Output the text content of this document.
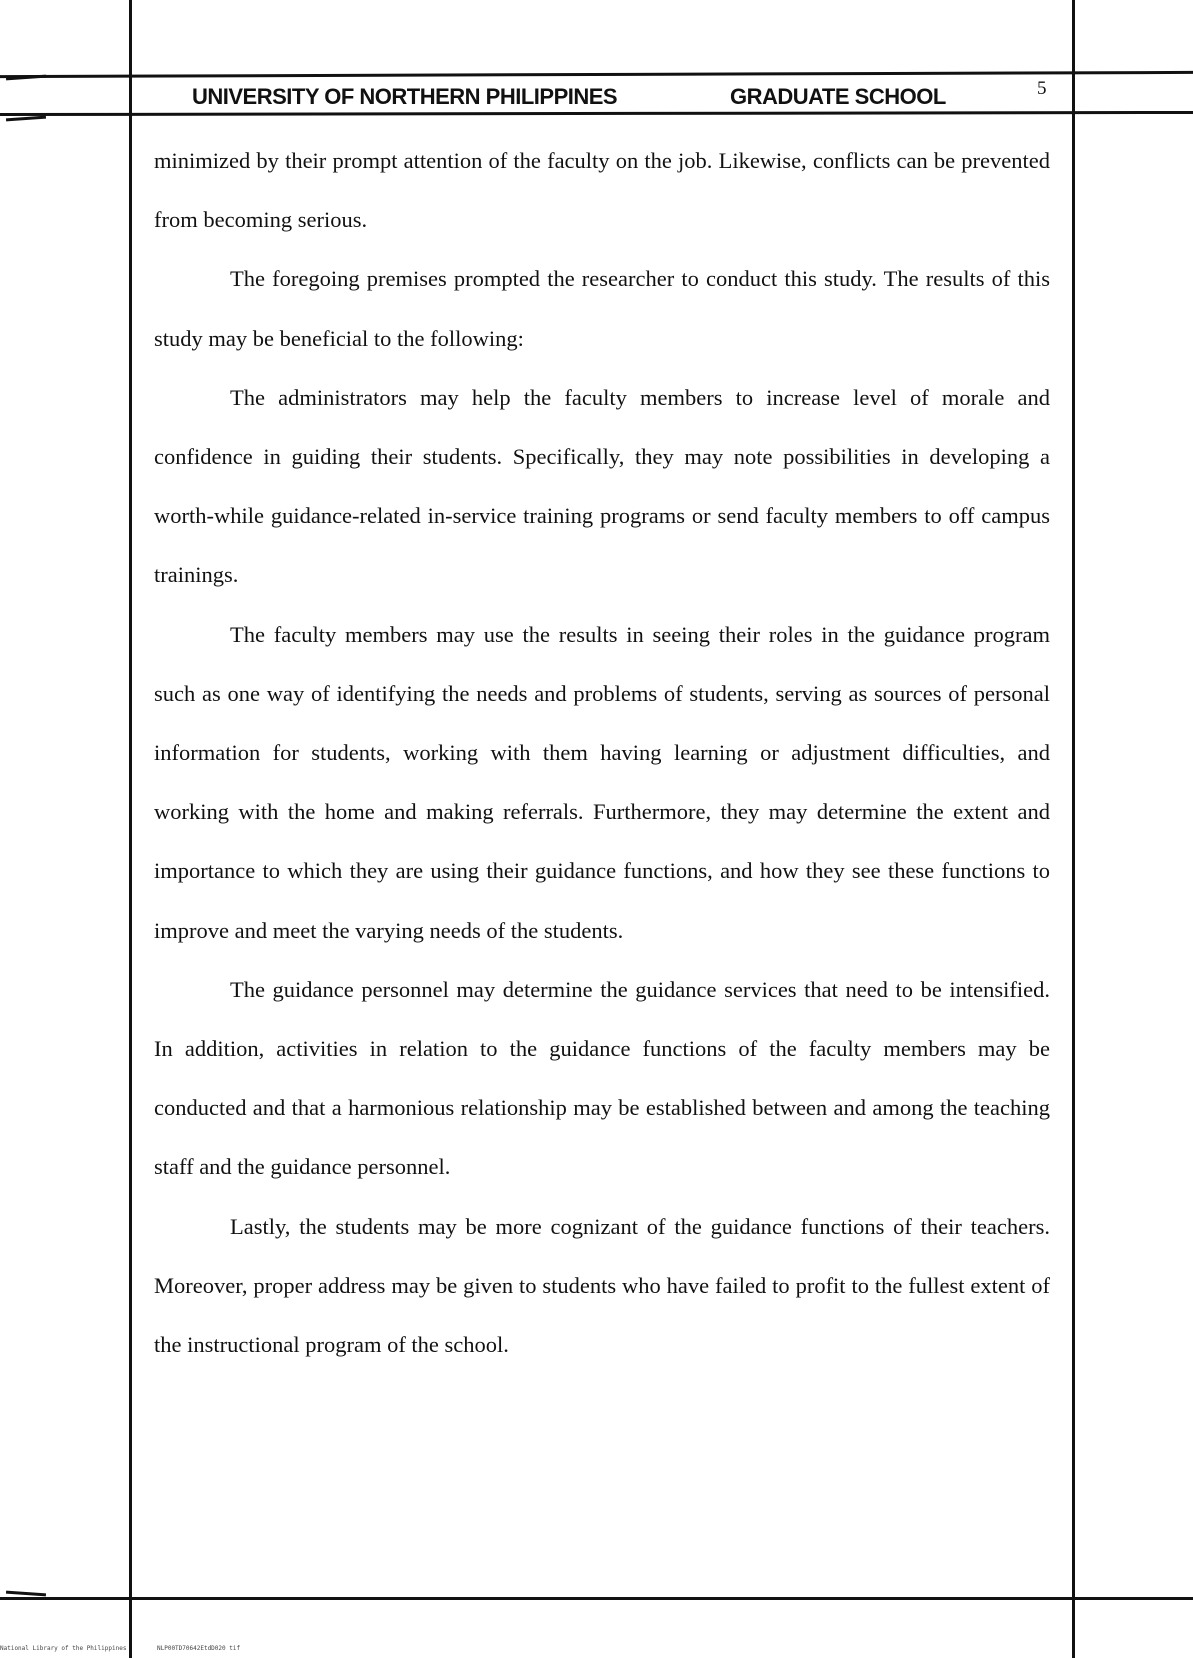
UNIVERSITY OF NORTHERN PHILIPPINES	GRADUATE SCHOOL	5

minimized by their prompt attention of the faculty on the job. Likewise, conflicts can be prevented from becoming serious.

The foregoing premises prompted the researcher to conduct this study. The results of this study may be beneficial to the following:

The administrators may help the faculty members to increase level of morale and confidence in guiding their students. Specifically, they may note possibilities in developing a worth-while guidance-related in-service training programs or send faculty members to off campus trainings.

The faculty members may use the results in seeing their roles in the guidance program such as one way of identifying the needs and problems of students, serving as sources of personal information for students, working with them having learning or adjustment difficulties, and working with the home and making referrals. Furthermore, they may determine the extent and importance to which they are using their guidance functions, and how they see these functions to improve and meet the varying needs of the students.

The guidance personnel may determine the guidance services that need to be intensified. In addition, activities in relation to the guidance functions of the faculty members may be conducted and that a harmonious relationship may be established between and among the teaching staff and the guidance personnel.

Lastly, the students may be more cognizant of the guidance functions of their teachers. Moreover, proper address may be given to students who have failed to profit to the fullest extent of the instructional program of the school.

National Library of the Philippines	NLP00TD70642EtdD020 tif
